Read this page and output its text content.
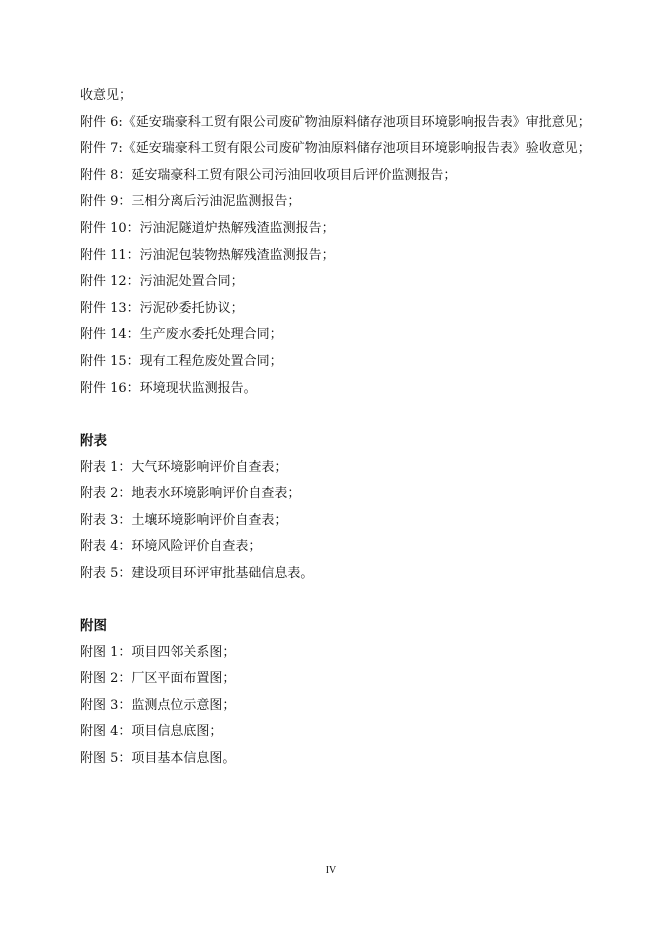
收意见；
附件 6:《延安瑞豪科工贸有限公司废矿物油原料储存池项目环境影响报告表》审批意见；
附件 7:《延安瑞豪科工贸有限公司废矿物油原料储存池项目环境影响报告表》验收意见；
附件 8：延安瑞豪科工贸有限公司污油回收项目后评价监测报告；
附件 9：三相分离后污油泥监测报告；
附件 10：污油泥隧道炉热解残渣监测报告；
附件 11：污油泥包装物热解残渣监测报告；
附件 12：污油泥处置合同；
附件 13：污泥砂委托协议；
附件 14：生产废水委托处理合同；
附件 15：现有工程危废处置合同；
附件 16：环境现状监测报告。
附表
附表 1：大气环境影响评价自查表；
附表 2：地表水环境影响评价自查表；
附表 3：土壤环境影响评价自查表；
附表 4：环境风险评价自查表；
附表 5：建设项目环评审批基础信息表。
附图
附图 1：项目四邻关系图；
附图 2：厂区平面布置图；
附图 3：监测点位示意图；
附图 4：项目信息底图；
附图 5：项目基本信息图。
IV
